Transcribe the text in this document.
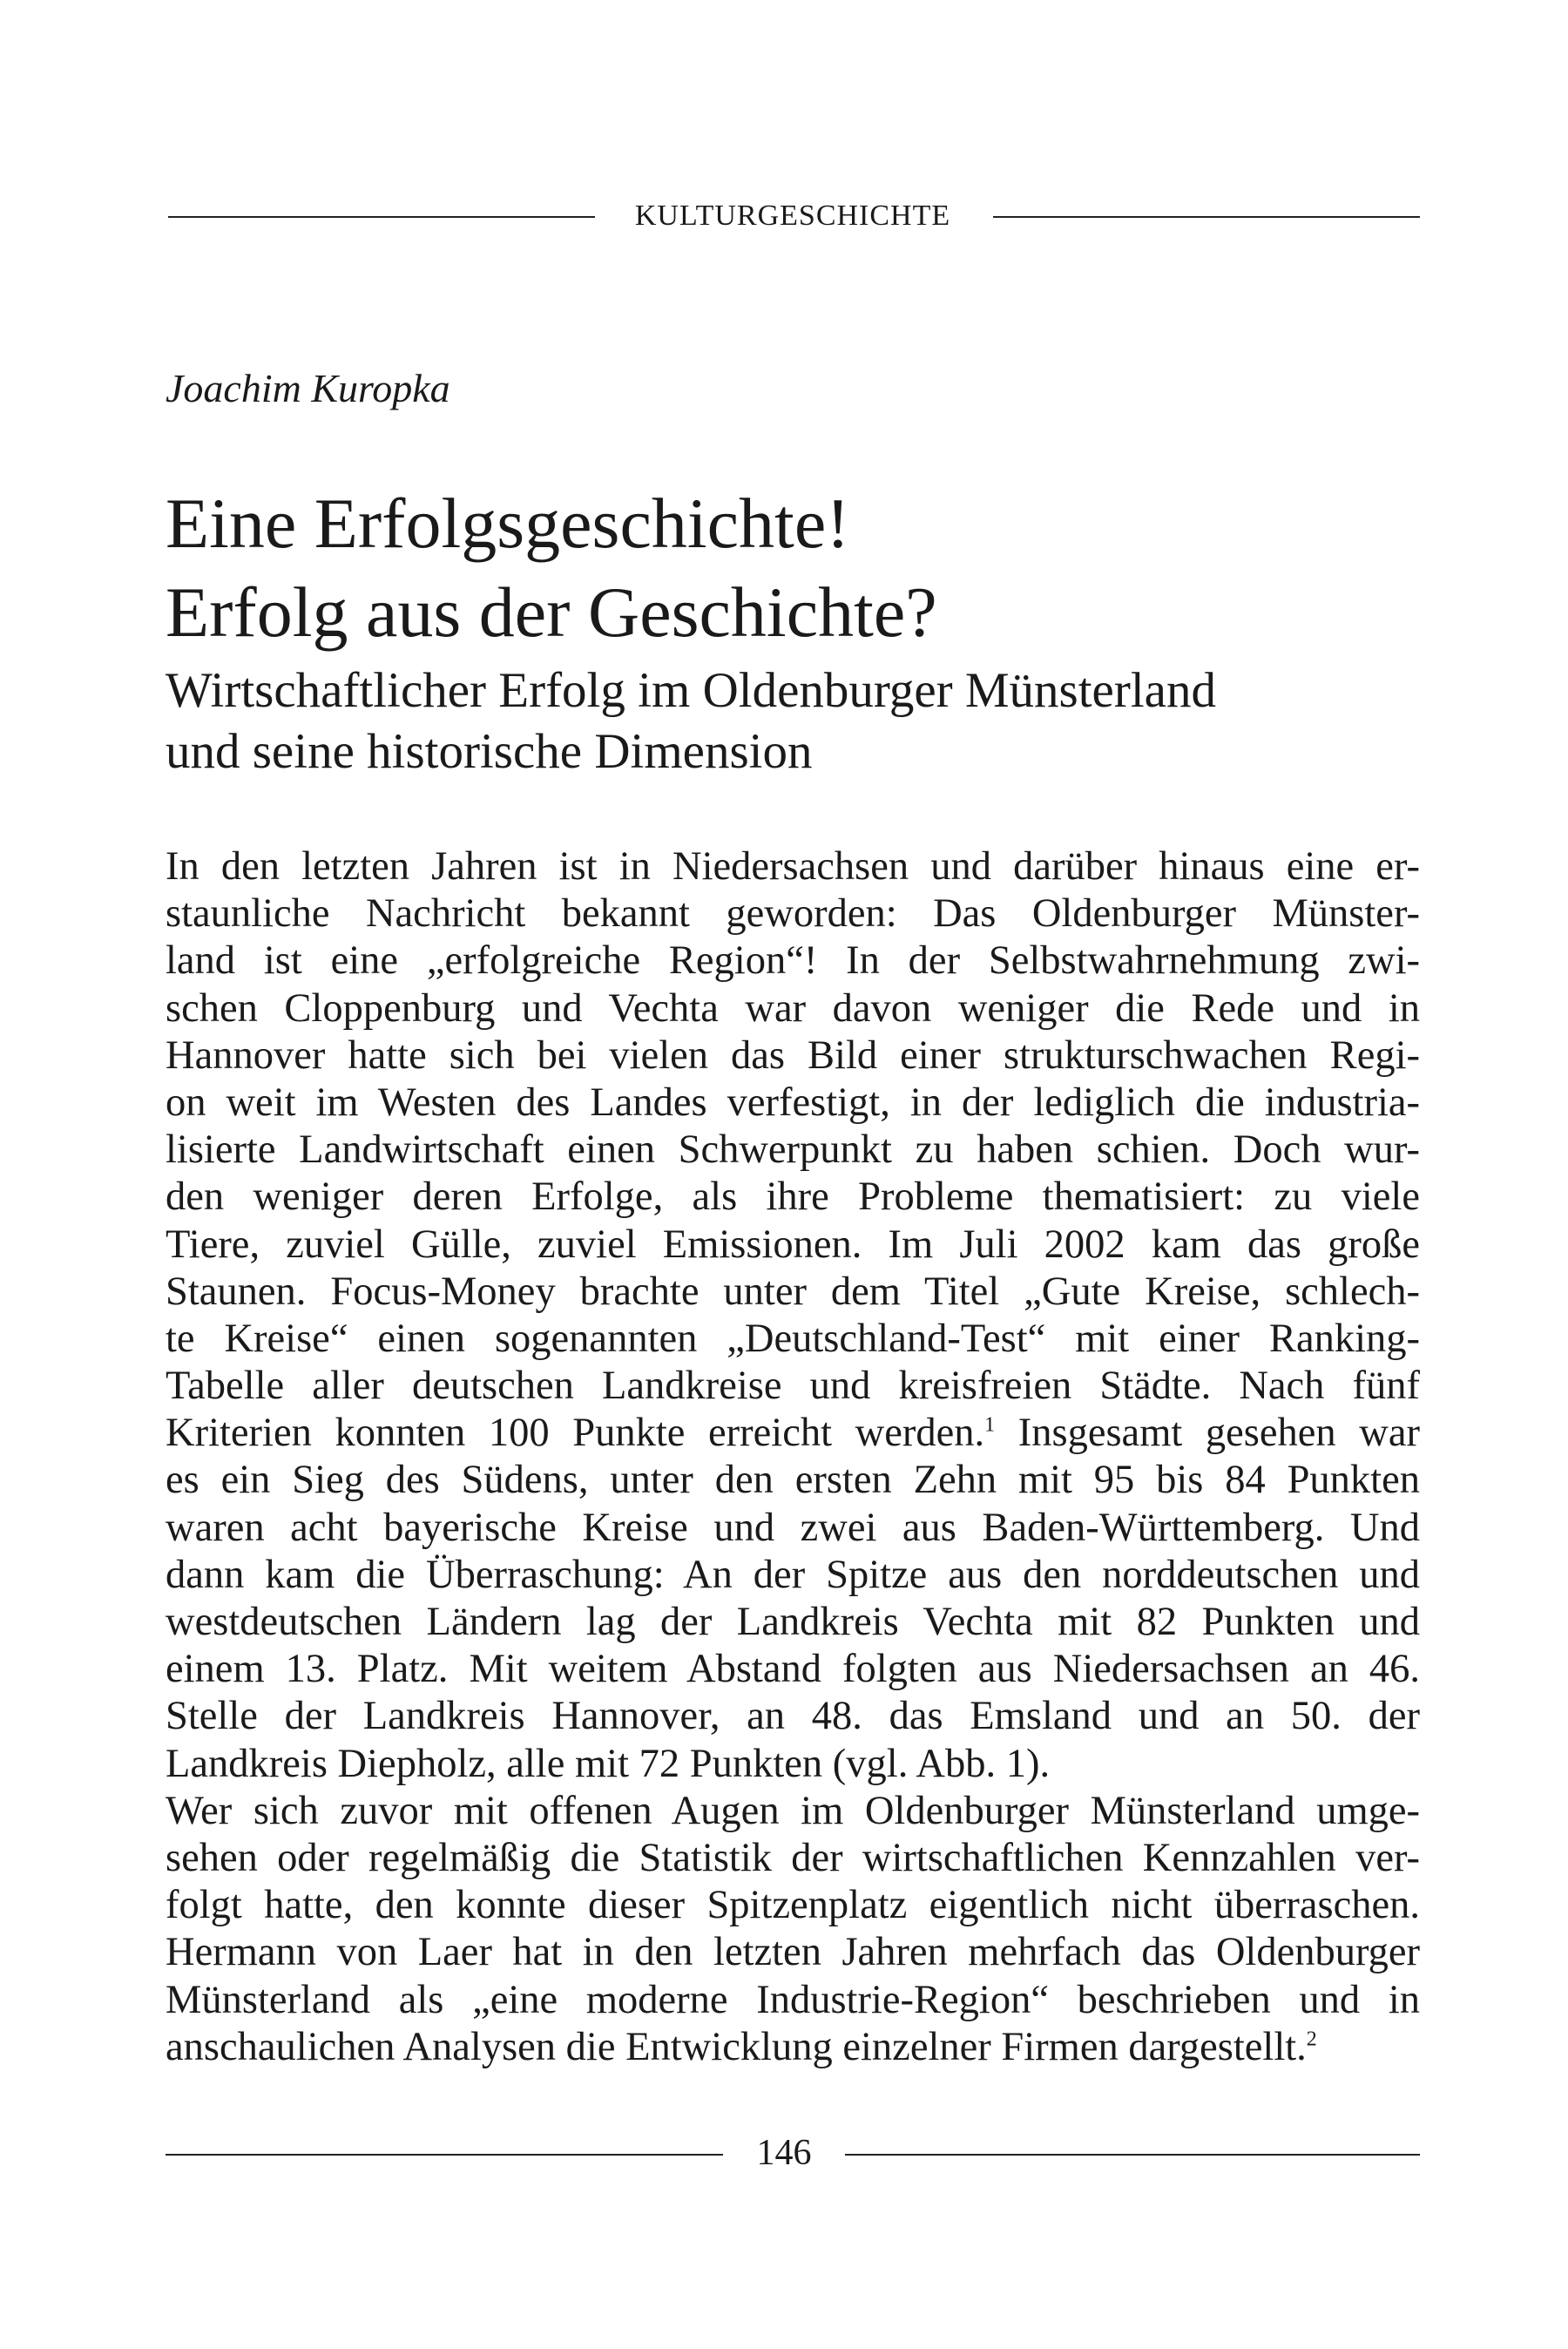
KULTURGESCHICHTE
Joachim Kuropka
Eine Erfolgsgeschichte!
Erfolg aus der Geschichte?
Wirtschaftlicher Erfolg im Oldenburger Münsterland
und seine historische Dimension
In den letzten Jahren ist in Niedersachsen und darüber hinaus eine er-
staunliche Nachricht bekannt geworden: Das Oldenburger Münster-
land ist eine „erfolgreiche Region“! In der Selbstwahrnehmung zwi-
schen Cloppenburg und Vechta war davon weniger die Rede und in
Hannover hatte sich bei vielen das Bild einer strukturschwachen Regi-
on weit im Westen des Landes verfestigt, in der lediglich die industria-
lisierte Landwirtschaft einen Schwerpunkt zu haben schien. Doch wur-
den weniger deren Erfolge, als ihre Probleme thematisiert: zu viele
Tiere, zuviel Gülle, zuviel Emissionen. Im Juli 2002 kam das große
Staunen. Focus-Money brachte unter dem Titel „Gute Kreise, schlech-
te Kreise“ einen sogenannten „Deutschland-Test“ mit einer Ranking-
Tabelle aller deutschen Landkreise und kreisfreien Städte. Nach fünf
Kriterien konnten 100 Punkte erreicht werden.$^1$ Insgesamt gesehen war
es ein Sieg des Südens, unter den ersten Zehn mit 95 bis 84 Punkten
waren acht bayerische Kreise und zwei aus Baden-Württemberg. Und
dann kam die Überraschung: An der Spitze aus den norddeutschen und
westdeutschen Ländern lag der Landkreis Vechta mit 82 Punkten und
einem 13. Platz. Mit weitem Abstand folgten aus Niedersachsen an 46.
Stelle der Landkreis Hannover, an 48. das Emsland und an 50. der
Landkreis Diepholz, alle mit 72 Punkten (vgl. Abb. 1).
Wer sich zuvor mit offenen Augen im Oldenburger Münsterland umge-
sehen oder regelmäßig die Statistik der wirtschaftlichen Kennzahlen ver-
folgt hatte, den konnte dieser Spitzenplatz eigentlich nicht überraschen.
Hermann von Laer hat in den letzten Jahren mehrfach das Oldenburger
Münsterland als „eine moderne Industrie-Region“ beschrieben und in
anschaulichen Analysen die Entwicklung einzelner Firmen dargestellt.$^2$
146
